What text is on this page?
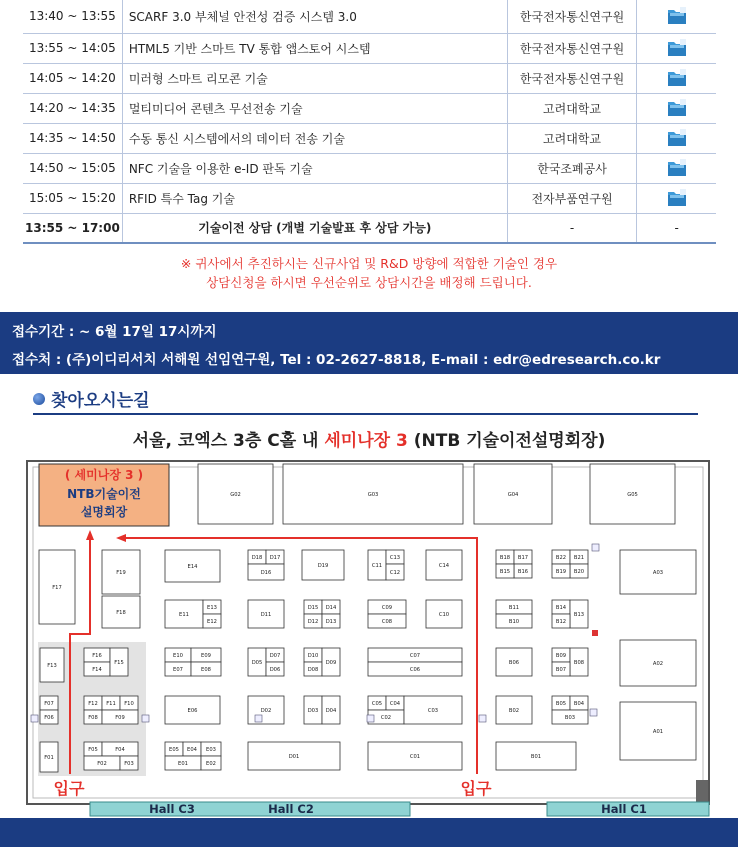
13:40 ~ 13:55	SCARF 3.0 부체널 안전성 검증 시스템 3.0	한국전자통신연구원	
13:55 ~ 14:05	HTML5 기반 스마트 TV 통합 앱스토어 시스템	한국전자통신연구원	
14:05 ~ 14:20	미러형 스마트 리모콘 기술	한국전자통신연구원	
14:20 ~ 14:35	멀티미디어 콘텐츠 무선전송 기술	고려대학교	
14:35 ~ 14:50	수동 통신 시스템에서의 데이터 전송 기술	고려대학교	
14:50 ~ 15:05	NFC 기술을 이용한 e-ID 판독 기술	한국조폐공사	
15:05 ~ 15:20	RFID 특수 Tag 기술	전자부품연구원	
13:55 ~ 17:00	기술이전 상담 (개별 기술발표 후 상담 가능)	-	-
※ 귀사에서 추진하시는 신규사업 및 R&D 방향에 적합한 기술인 경우
상담신청을 하시면 우선순위로 상담시간을 배정해 드립니다.
접수기간 : ~ 6월 17일 17시까지
접수처 : (주)이디리서치 서해원 선임연구원, Tel : 02-2627-8818, E-mail : edr@edresearch.co.kr
찾아오시는길
서울, 코엑스 3층 C홀 내 세미나장 3 (NTB 기술이전설명회장)
G02	G03	G04	G05
F17
F19
F18
E14
D18 D17
D16
D19	C11
C13
C12
C14
B18 B17
B16
B15
B22 B21
B20
B19	A03
E11
E13
E12
D11
D15 D14
D12 D13
C09
C08
C10
B11
B10
B14
B13
B12
F13
F16
F14
F15
E10	E09
E07	E08
D05
D07
D06
D10
D08
D09
C07
C06
B06
B09
B08
B07
A02
F07
F06
F12 F11 F10
F08	F09
E06	D02	D03 D04
C05 C04
C02
C03	B02
B05 B04
B03
A01
F01
F05	F04
F02	F03
E05 E04 E03
E01	E02
D01	C01	B01
( 세미나장 3 )
NTB기술이전
설명회장
입구	입구
Hall C3	Hall C2	Hall C1
